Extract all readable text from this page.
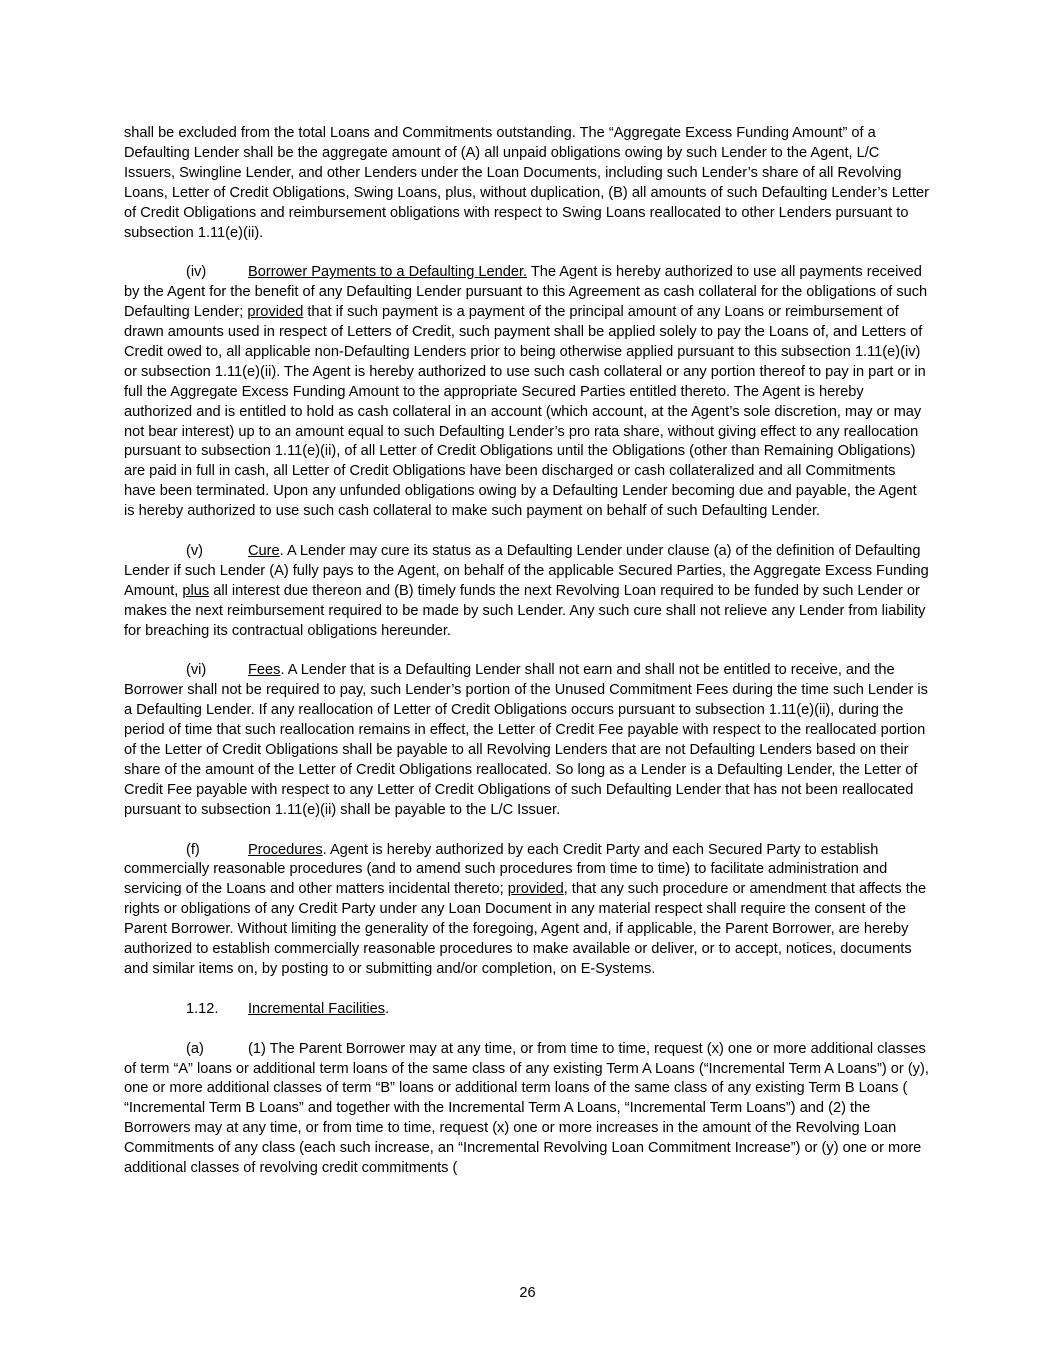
shall be excluded from the total Loans and Commitments outstanding. The “Aggregate Excess Funding Amount” of a Defaulting Lender shall be the aggregate amount of (A) all unpaid obligations owing by such Lender to the Agent, L/C Issuers, Swingline Lender, and other Lenders under the Loan Documents, including such Lender’s share of all Revolving Loans, Letter of Credit Obligations, Swing Loans, plus, without duplication, (B) all amounts of such Defaulting Lender’s Letter of Credit Obligations and reimbursement obligations with respect to Swing Loans reallocated to other Lenders pursuant to subsection 1.11(e)(ii).

(iv)	Borrower Payments to a Defaulting Lender. The Agent is hereby authorized to use all payments received by the Agent for the benefit of any Defaulting Lender pursuant to this Agreement as cash collateral for the obligations of such Defaulting Lender; provided that if such payment is a payment of the principal amount of any Loans or reimbursement of drawn amounts used in respect of Letters of Credit, such payment shall be applied solely to pay the Loans of, and Letters of Credit owed to, all applicable non-Defaulting Lenders prior to being otherwise applied pursuant to this subsection 1.11(e)(iv) or subsection 1.11(e)(ii). The Agent is hereby authorized to use such cash collateral or any portion thereof to pay in part or in full the Aggregate Excess Funding Amount to the appropriate Secured Parties entitled thereto. The Agent is hereby authorized and is entitled to hold as cash collateral in an account (which account, at the Agent’s sole discretion, may or may not bear interest) up to an amount equal to such Defaulting Lender’s pro rata share, without giving effect to any reallocation pursuant to subsection 1.11(e)(ii), of all Letter of Credit Obligations until the Obligations (other than Remaining Obligations) are paid in full in cash, all Letter of Credit Obligations have been discharged or cash collateralized and all Commitments have been terminated. Upon any unfunded obligations owing by a Defaulting Lender becoming due and payable, the Agent is hereby authorized to use such cash collateral to make such payment on behalf of such Defaulting Lender.

(v)	Cure. A Lender may cure its status as a Defaulting Lender under clause (a) of the definition of Defaulting Lender if such Lender (A) fully pays to the Agent, on behalf of the applicable Secured Parties, the Aggregate Excess Funding Amount, plus all interest due thereon and (B) timely funds the next Revolving Loan required to be funded by such Lender or makes the next reimbursement required to be made by such Lender. Any such cure shall not relieve any Lender from liability for breaching its contractual obligations hereunder.

(vi)	Fees. A Lender that is a Defaulting Lender shall not earn and shall not be entitled to receive, and the Borrower shall not be required to pay, such Lender’s portion of the Unused Commitment Fees during the time such Lender is a Defaulting Lender. If any reallocation of Letter of Credit Obligations occurs pursuant to subsection 1.11(e)(ii), during the period of time that such reallocation remains in effect, the Letter of Credit Fee payable with respect to the reallocated portion of the Letter of Credit Obligations shall be payable to all Revolving Lenders that are not Defaulting Lenders based on their share of the amount of the Letter of Credit Obligations reallocated. So long as a Lender is a Defaulting Lender, the Letter of Credit Fee payable with respect to any Letter of Credit Obligations of such Defaulting Lender that has not been reallocated pursuant to subsection 1.11(e)(ii) shall be payable to the L/C Issuer.

(f)	Procedures. Agent is hereby authorized by each Credit Party and each Secured Party to establish commercially reasonable procedures (and to amend such procedures from time to time) to facilitate administration and servicing of the Loans and other matters incidental thereto; provided, that any such procedure or amendment that affects the rights or obligations of any Credit Party under any Loan Document in any material respect shall require the consent of the Parent Borrower. Without limiting the generality of the foregoing, Agent and, if applicable, the Parent Borrower, are hereby authorized to establish commercially reasonable procedures to make available or deliver, or to accept, notices, documents and similar items on, by posting to or submitting and/or completion, on E-Systems.

1.12. Incremental Facilities.

(a)	(1) The Parent Borrower may at any time, or from time to time, request (x) one or more additional classes of term “A” loans or additional term loans of the same class of any existing Term A Loans (“Incremental Term A Loans”) or (y), one or more additional classes of term “B” loans or additional term loans of the same class of any existing Term B Loans ( “Incremental Term B Loans” and together with the Incremental Term A Loans, “Incremental Term Loans”) and (2) the Borrowers may at any time, or from time to time, request (x) one or more increases in the amount of the Revolving Loan Commitments of any class (each such increase, an “Incremental Revolving Loan Commitment Increase”) or (y) one or more additional classes of revolving credit commitments (

26
